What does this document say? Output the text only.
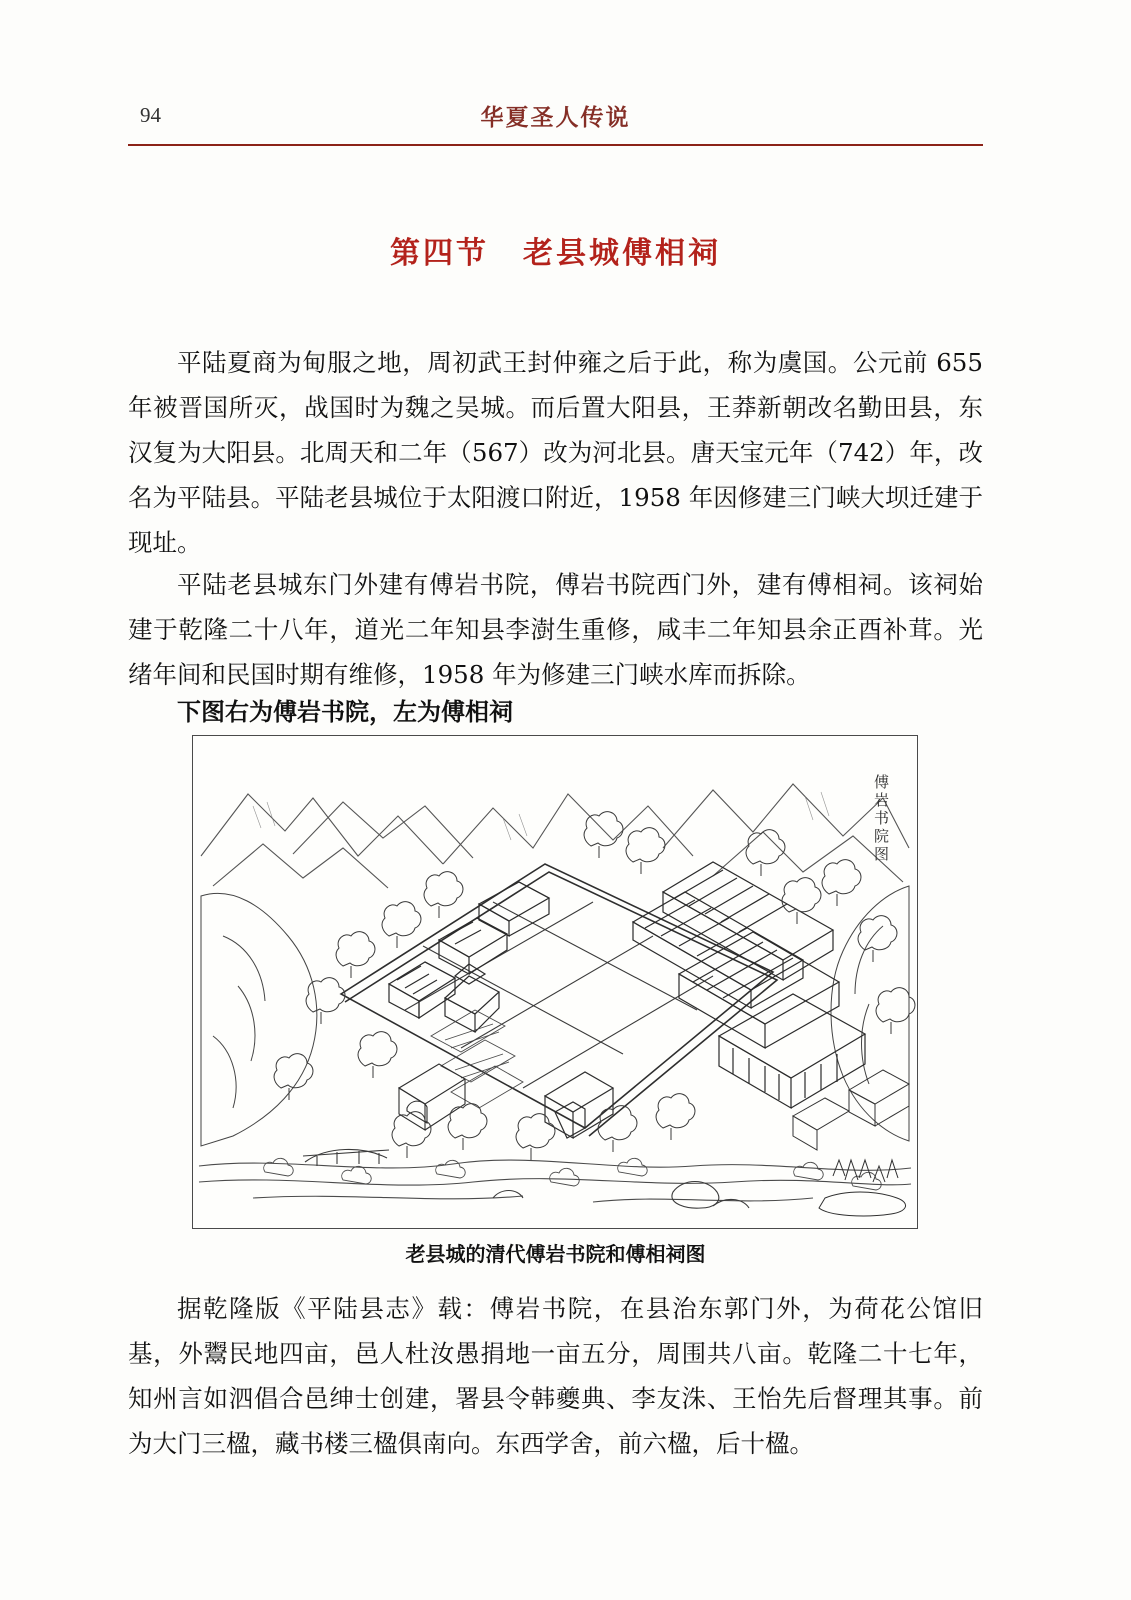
94	华夏圣人传说
第四节 老县城傅相祠

平陆夏商为甸服之地，周初武王封仲雍之后于此，称为虞国。公元前 655 年被晋国所灭，战国时为魏之吴城。而后置大阳县，王莽新朝改名勤田县，东汉复为大阳县。北周天和二年（567）改为河北县。唐天宝元年（742）年，改名为平陆县。平陆老县城位于太阳渡口附近，1958 年因修建三门峡大坝迁建于现址。

平陆老县城东门外建有傅岩书院，傅岩书院西门外，建有傅相祠。该祠始建于乾隆二十八年，道光二年知县李澍生重修，咸丰二年知县余正酉补茸。光绪年间和民国时期有维修，1958 年为修建三门峡水库而拆除。

下图右为傅岩书院，左为傅相祠
傅岩书院图
老县城的清代傅岩书院和傅相祠图

据乾隆版《平陆县志》载：傅岩书院，在县治东郭门外，为荷花公馆旧基，外鬻民地四亩，邑人杜汝愚捐地一亩五分，周围共八亩。乾隆二十七年，知州言如泗倡合邑绅士创建，署县令韩夔典、李友洙、王怡先后督理其事。前为大门三楹，藏书楼三楹俱南向。东西学舍，前六楹，后十楹。
